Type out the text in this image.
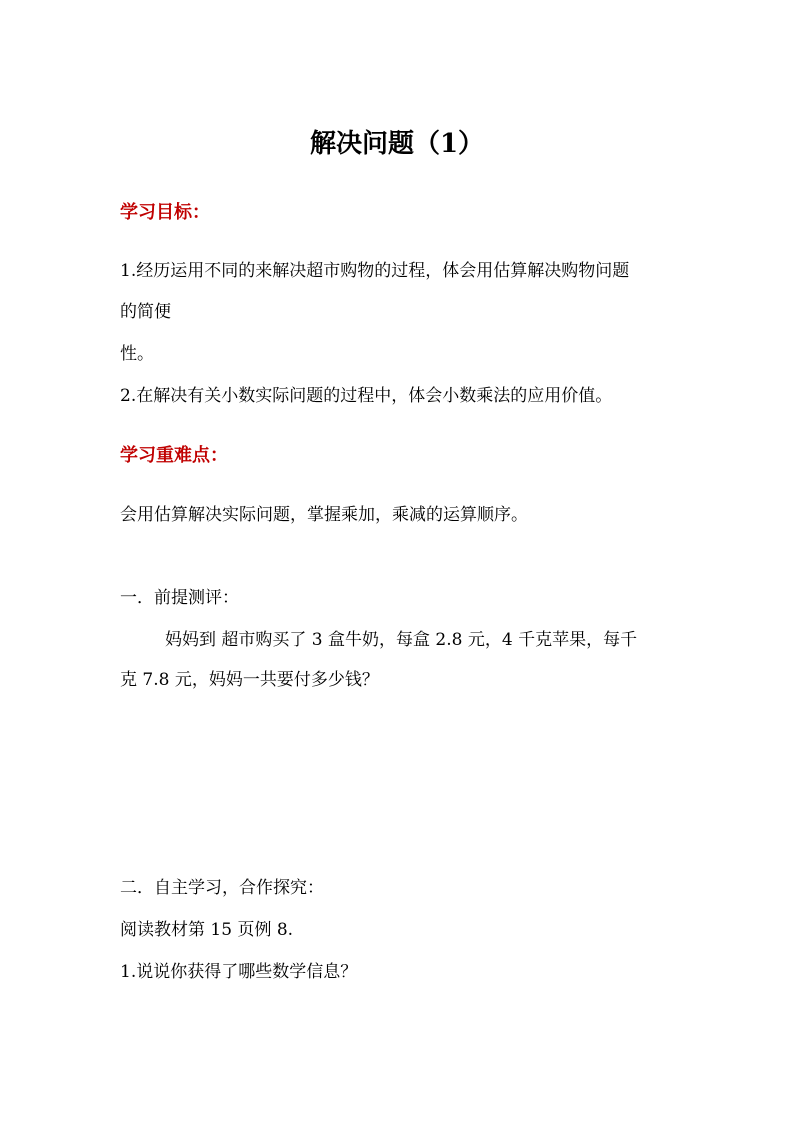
解决问题（1）
学习目标：
1.经历运用不同的来解决超市购物的过程，体会用估算解决购物问题
的简便
性。
2.在解决有关小数实际问题的过程中，体会小数乘法的应用价值。
学习重难点：
会用估算解决实际问题，掌握乘加，乘减的运算顺序。
一．前提测评：
妈妈到 超市购买了 3 盒牛奶，每盒 2.8 元，4 千克苹果，每千
克 7.8 元，妈妈一共要付多少钱？
二．自主学习，合作探究：
阅读教材第 15 页例 8.
1.说说你获得了哪些数学信息？
